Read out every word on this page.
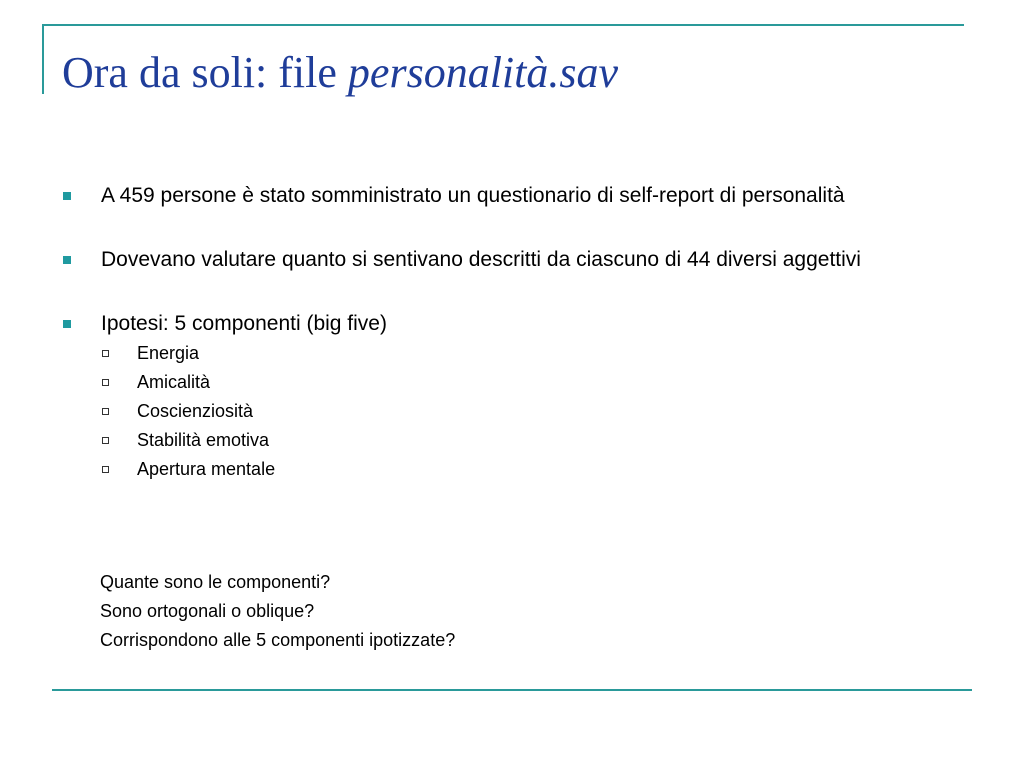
Ora da soli: file personalità.sav
A 459 persone è stato somministrato un questionario di self-report di personalità
Dovevano valutare quanto si sentivano descritti da ciascuno di 44 diversi aggettivi
Ipotesi: 5 componenti (big five)
Energia
Amicalità
Coscienziosità
Stabilità emotiva
Apertura mentale
Quante sono le componenti?
Sono ortogonali o oblique?
Corrispondono alle 5 componenti ipotizzate?
